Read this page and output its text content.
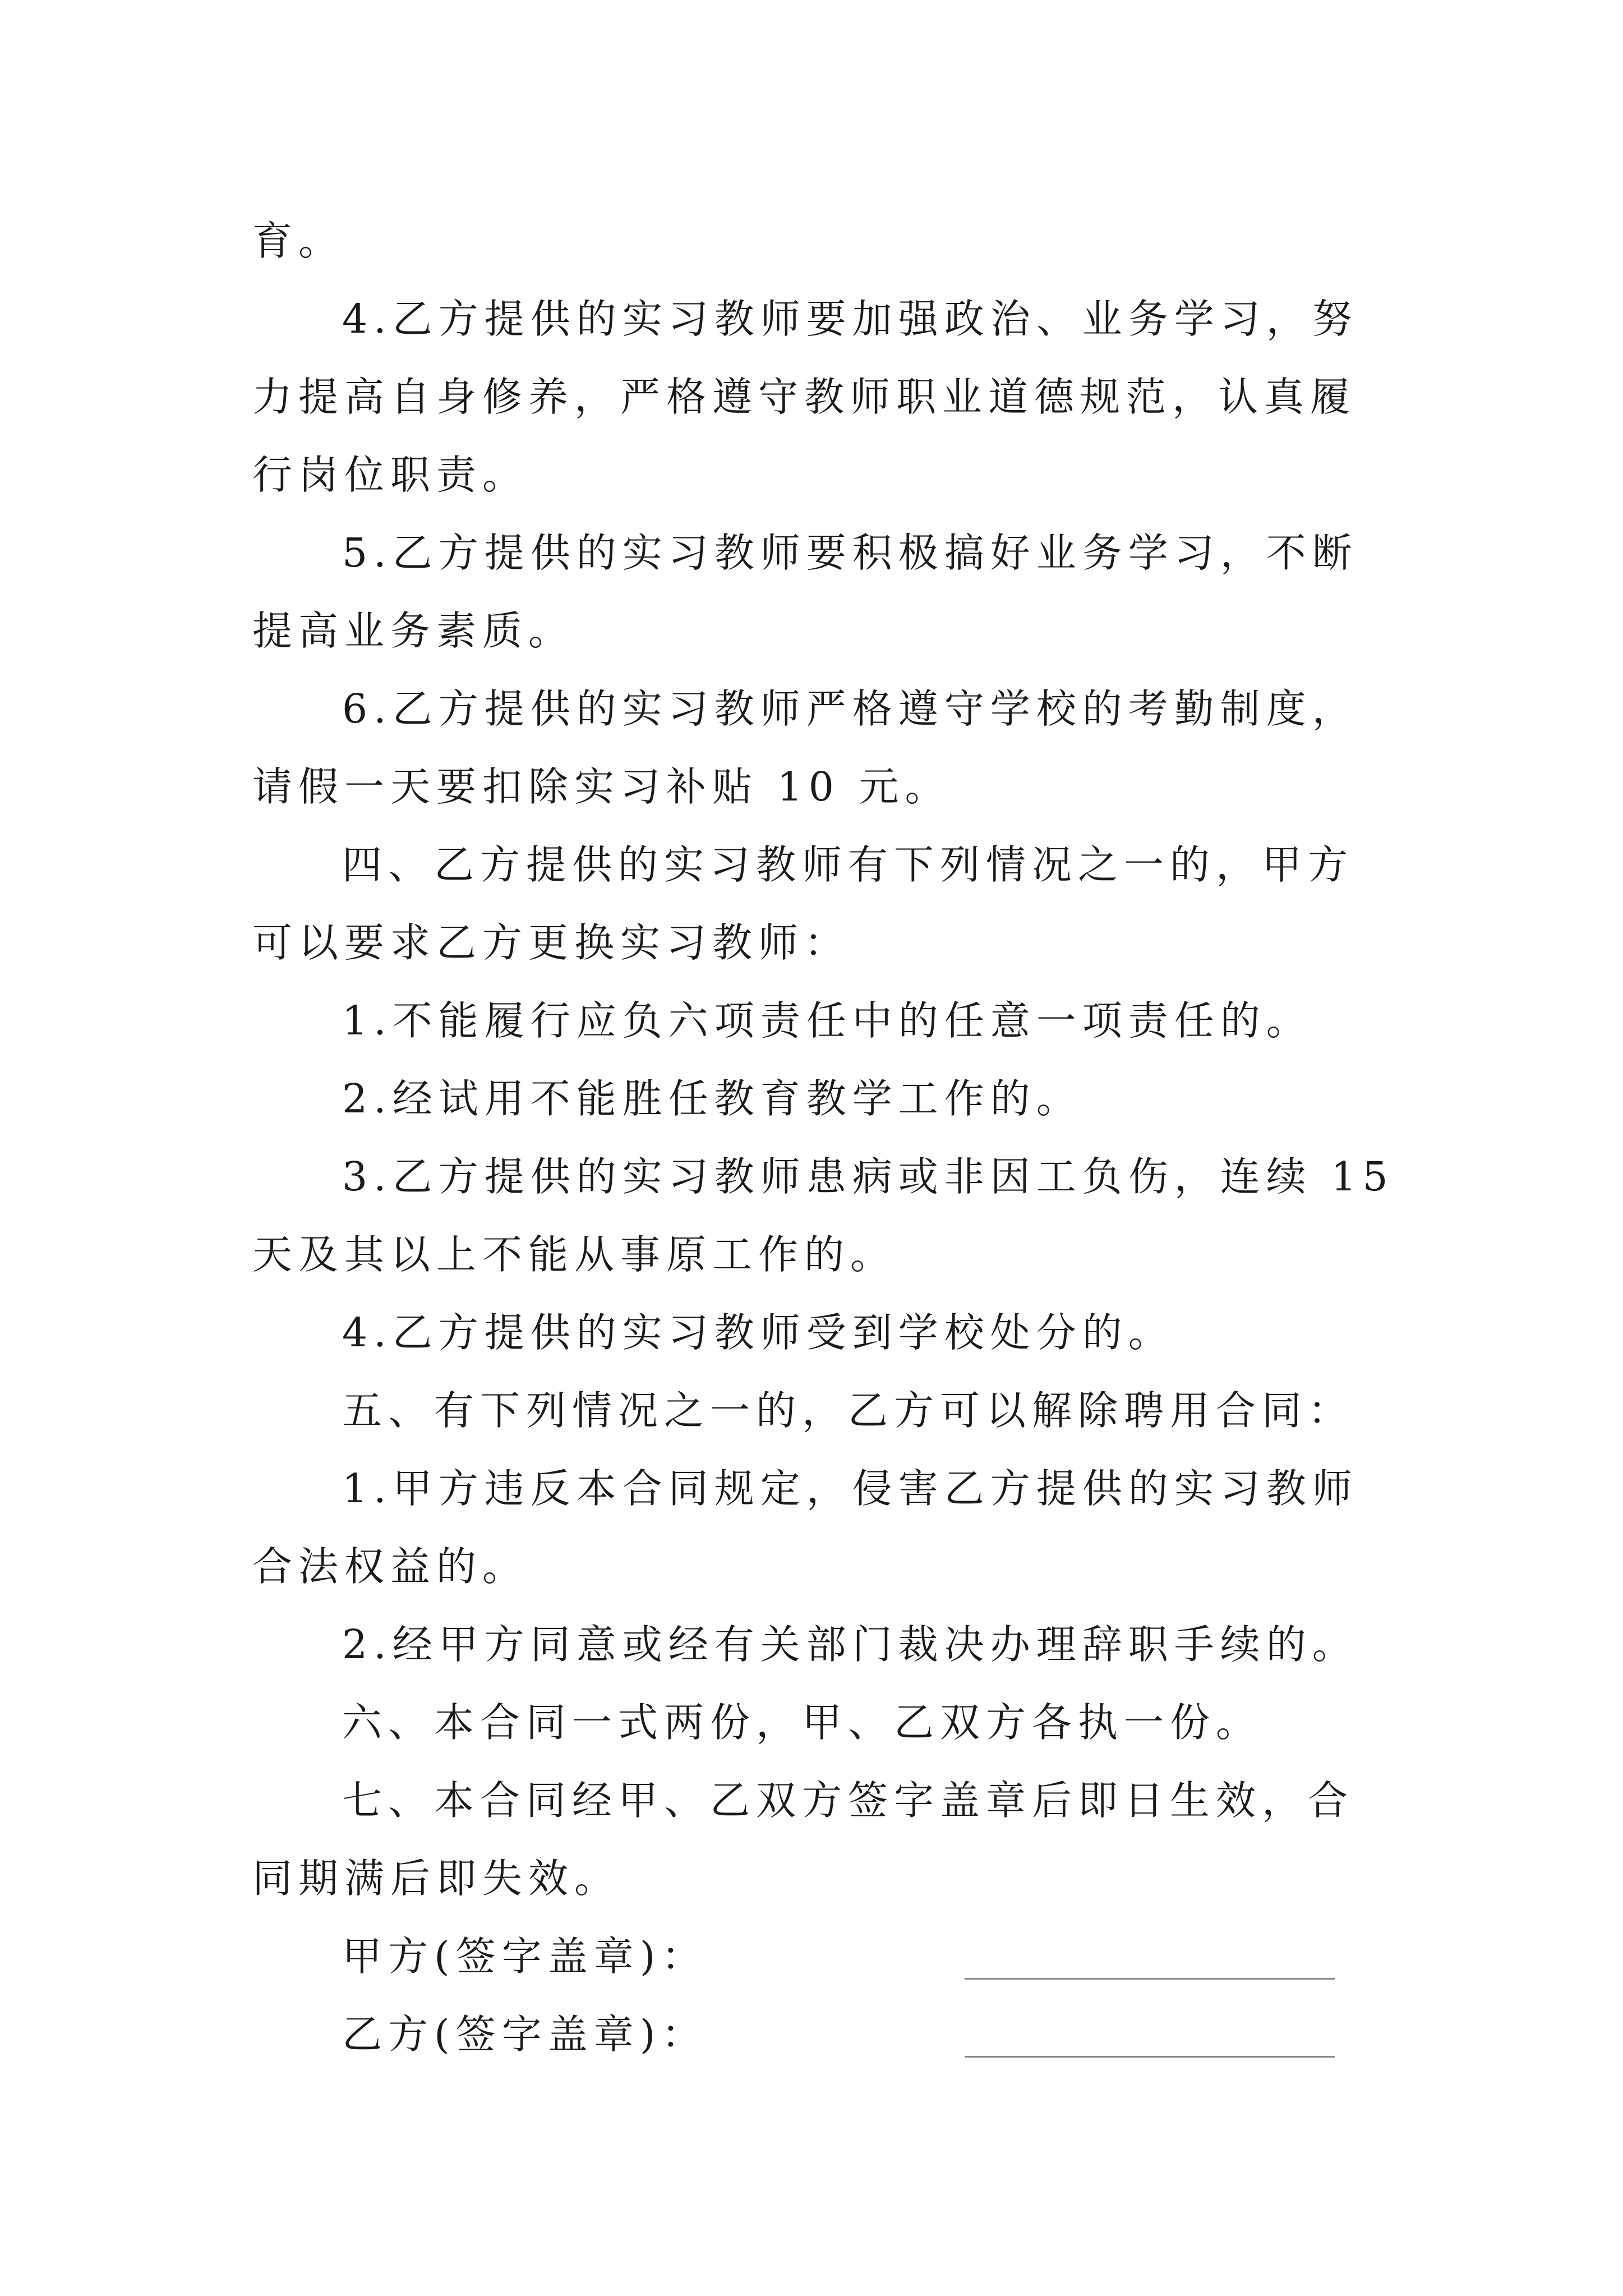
育。

4.乙方提供的实习教师要加强政治、业务学习，努力提高自身修养，严格遵守教师职业道德规范，认真履行岗位职责。

5.乙方提供的实习教师要积极搞好业务学习，不断提高业务素质。

6.乙方提供的实习教师严格遵守学校的考勤制度，请假一天要扣除实习补贴 10 元。

四、乙方提供的实习教师有下列情况之一的，甲方可以要求乙方更换实习教师：

1.不能履行应负六项责任中的任意一项责任的。

2.经试用不能胜任教育教学工作的。

3.乙方提供的实习教师患病或非因工负伤，连续 15 天及其以上不能从事原工作的。

4.乙方提供的实习教师受到学校处分的。

五、有下列情况之一的，乙方可以解除聘用合同：

1.甲方违反本合同规定，侵害乙方提供的实习教师合法权益的。

2.经甲方同意或经有关部门裁决办理辞职手续的。

六、本合同一式两份，甲、乙双方各执一份。

七、本合同经甲、乙双方签字盖章后即日生效，合同期满后即失效。

甲方(签字盖章)：
乙方(签字盖章)：
